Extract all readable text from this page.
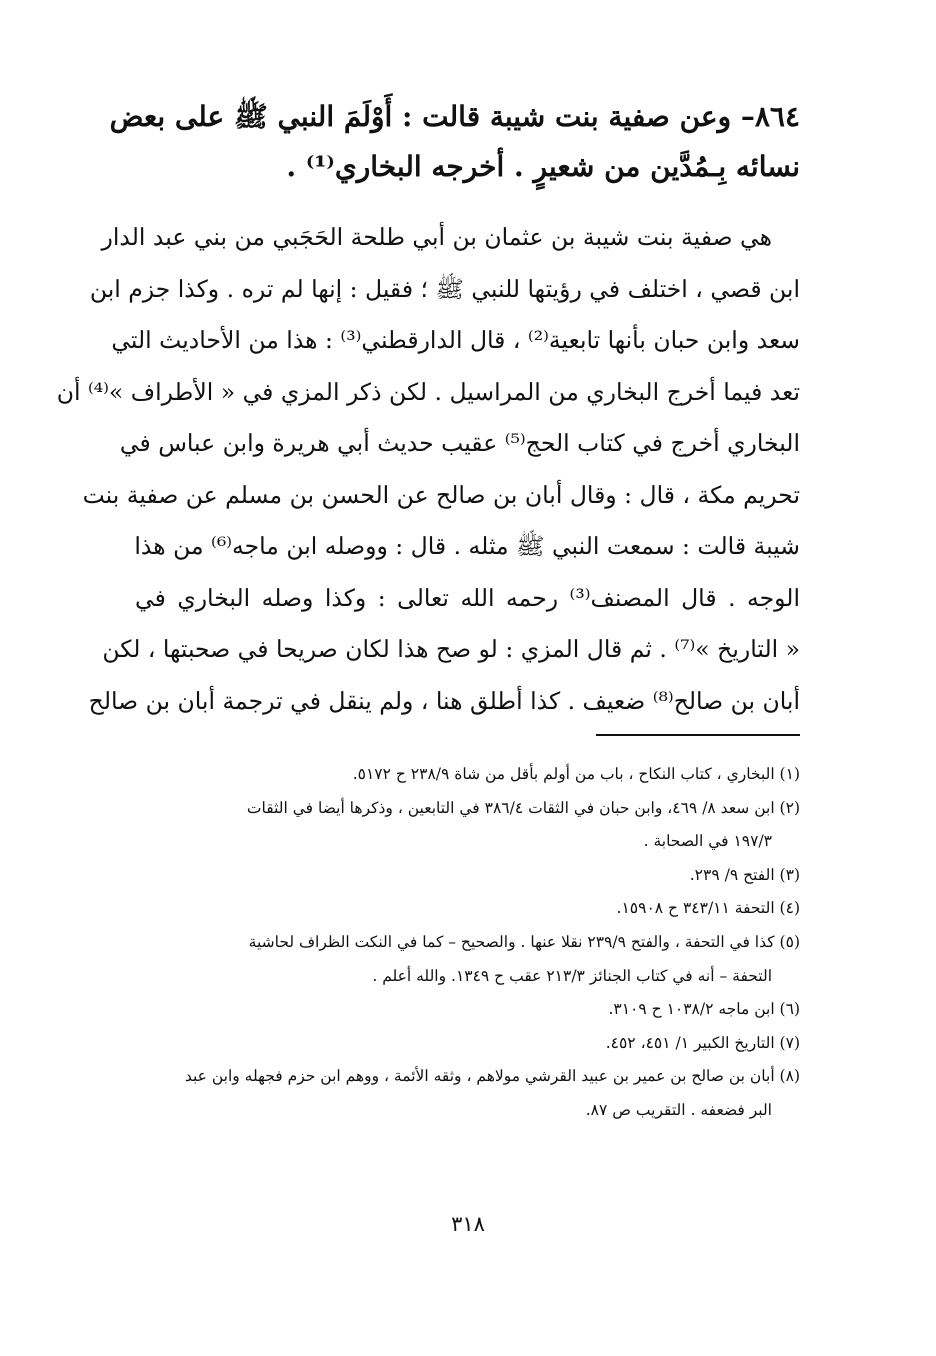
٨٦٤– وعن صفية بنت شيبة قالت : أَوْلَمَ النبي ﷺ على بعض
نسائه بِـمُدَّين من شعيرٍ . أخرجه البخاري⁽¹⁾ .
هي صفية بنت شيبة بن عثمان بن أبي طلحة الحَجَبي من بني عبد الدار
ابن قصي ، اختلف في رؤيتها للنبي ﷺ ؛ فقيل : إنها لم تره . وكذا جزم ابن
سعد وابن حبان بأنها تابعية⁽²⁾ ، قال الدارقطني⁽³⁾ : هذا من الأحاديث التي
تعد فيما أخرج البخاري من المراسيل . لكن ذكر المزي في « الأطراف »⁽⁴⁾ أن
البخاري أخرج في كتاب الحج⁽⁵⁾ عقيب حديث أبي هريرة وابن عباس في
تحريم مكة ، قال : وقال أبان بن صالح عن الحسن بن مسلم عن صفية بنت
شيبة قالت : سمعت النبي ﷺ مثله . قال : ووصله ابن ماجه⁽⁶⁾ من هذا
الوجه . قال المصنف⁽³⁾ رحمه الله تعالى : وكذا وصله البخاري في
« التاريخ »⁽⁷⁾ . ثم قال المزي : لو صح هذا لكان صريحا في صحبتها ، لكن
أبان بن صالح⁽⁸⁾ ضعيف . كذا أطلق هنا ، ولم ينقل في ترجمة أبان بن صالح
(١) البخاري ، كتاب النكاح ، باب من أولم بأقل من شاة ٢٣٨/٩ ح ٥١٧٢.
(٢) ابن سعد ٨/ ٤٦٩، وابن حبان في الثقات ٣٨٦/٤ في التابعين ، وذكرها أيضا في الثقات
١٩٧/٣ في الصحابة .
(٣) الفتح ٩/ ٢٣٩.
(٤) التحفة ٣٤٣/١١ ح ١٥٩٠٨.
(٥) كذا في التحفة ، والفتح ٢٣٩/٩ نقلا عنها . والصحيح – كما في النكت الظراف لحاشية
التحفة – أنه في كتاب الجنائز ٢١٣/٣ عقب ح ١٣٤٩. والله أعلم .
(٦) ابن ماجه ١٠٣٨/٢ ح ٣١٠٩.
(٧) التاريخ الكبير ١/ ٤٥١، ٤٥٢.
(٨) أبان بن صالح بن عمير بن عبيد القرشي مولاهم ، وثقه الأئمة ، ووهم ابن حزم فجهله وابن عبد
البر فضعفه . التقريب ص ٨٧.
٣١٨
